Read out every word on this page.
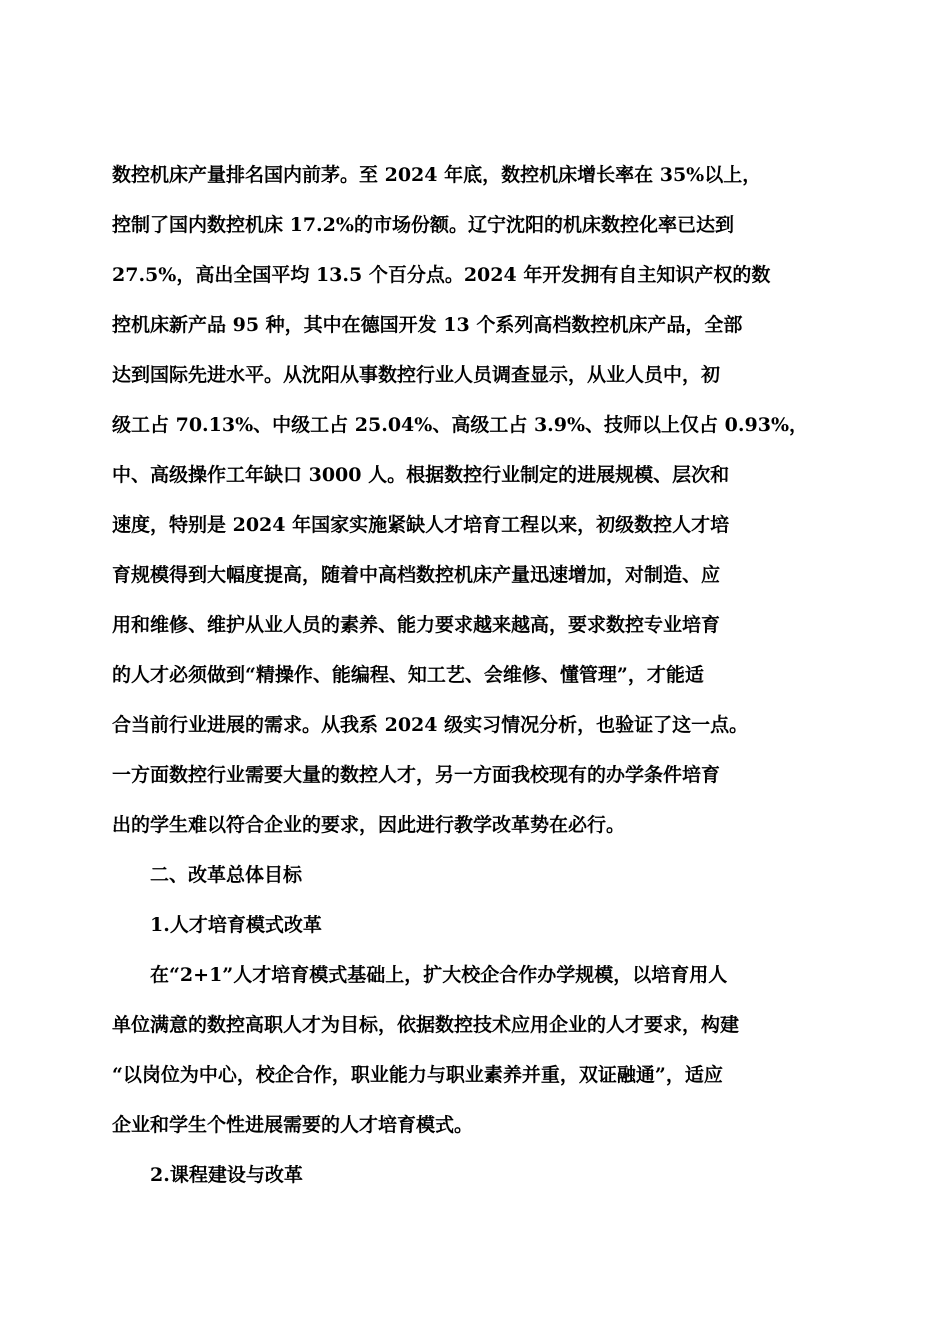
数控机床产量排名国内前茅。至 2024 年底，数控机床增长率在 35%以上，

控制了国内数控机床 17.2%的市场份额。辽宁沈阳的机床数控化率已达到

27.5%，高出全国平均 13.5 个百分点。2024 年开发拥有自主知识产权的数

控机床新产品 95 种，其中在德国开发 13 个系列高档数控机床产品，全部

达到国际先进水平。从沈阳从事数控行业人员调查显示，从业人员中，初

级工占 70.13%、中级工占 25.04%、高级工占 3.9%、技师以上仅占 0.93%，

中、高级操作工年缺口 3000 人。根据数控行业制定的进展规模、层次和

速度，特别是 2024 年国家实施紧缺人才培育工程以来，初级数控人才培

育规模得到大幅度提高，随着中高档数控机床产量迅速增加，对制造、应

用和维修、维护从业人员的素养、能力要求越来越高，要求数控专业培育

的人才必须做到“精操作、能编程、知工艺、会维修、懂管理”，才能适

合当前行业进展的需求。从我系 2024 级实习情况分析，也验证了这一点。

一方面数控行业需要大量的数控人才，另一方面我校现有的办学条件培育

出的学生难以符合企业的要求，因此进行教学改革势在必行。

二、改革总体目标

1.人才培育模式改革

在“2+1”人才培育模式基础上，扩大校企合作办学规模，以培育用人

单位满意的数控高职人才为目标，依据数控技术应用企业的人才要求，构建

“以岗位为中心，校企合作，职业能力与职业素养并重，双证融通”，适应

企业和学生个性进展需要的人才培育模式。

2.课程建设与改革
